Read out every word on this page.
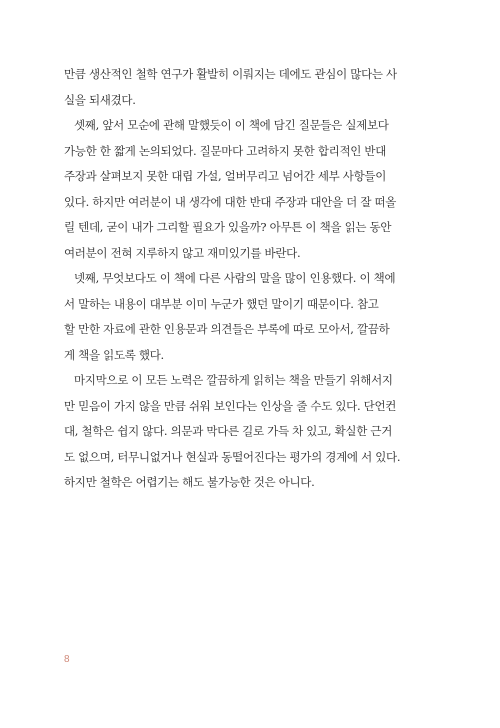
만큼 생산적인 철학 연구가 활발히 이뤄지는 데에도 관심이 많다는 사
실을 되새겼다.
셋째, 앞서 모순에 관해 말했듯이 이 책에 담긴 질문들은 실제보다
가능한 한 짧게 논의되었다. 질문마다 고려하지 못한 합리적인 반대
주장과 살펴보지 못한 대립 가설, 얼버무리고 넘어간 세부 사항들이
있다. 하지만 여러분이 내 생각에 대한 반대 주장과 대안을 더 잘 떠올
릴 텐데, 굳이 내가 그리할 필요가 있을까? 아무튼 이 책을 읽는 동안
여러분이 전혀 지루하지 않고 재미있기를 바란다.
넷째, 무엇보다도 이 책에 다른 사람의 말을 많이 인용했다. 이 책에
서 말하는 내용이 대부분 이미 누군가 했던 말이기 때문이다. 참고
할 만한 자료에 관한 인용문과 의견들은 부록에 따로 모아서, 깔끔하
게 책을 읽도록 했다.
마지막으로 이 모든 노력은 깔끔하게 읽히는 책을 만들기 위해서지
만 믿음이 가지 않을 만큼 쉬워 보인다는 인상을 줄 수도 있다. 단언컨
대, 철학은 쉽지 않다. 의문과 막다른 길로 가득 차 있고, 확실한 근거
도 없으며, 터무니없거나 현실과 동떨어진다는 평가의 경계에 서 있다.
하지만 철학은 어렵기는 해도 불가능한 것은 아니다.
8
